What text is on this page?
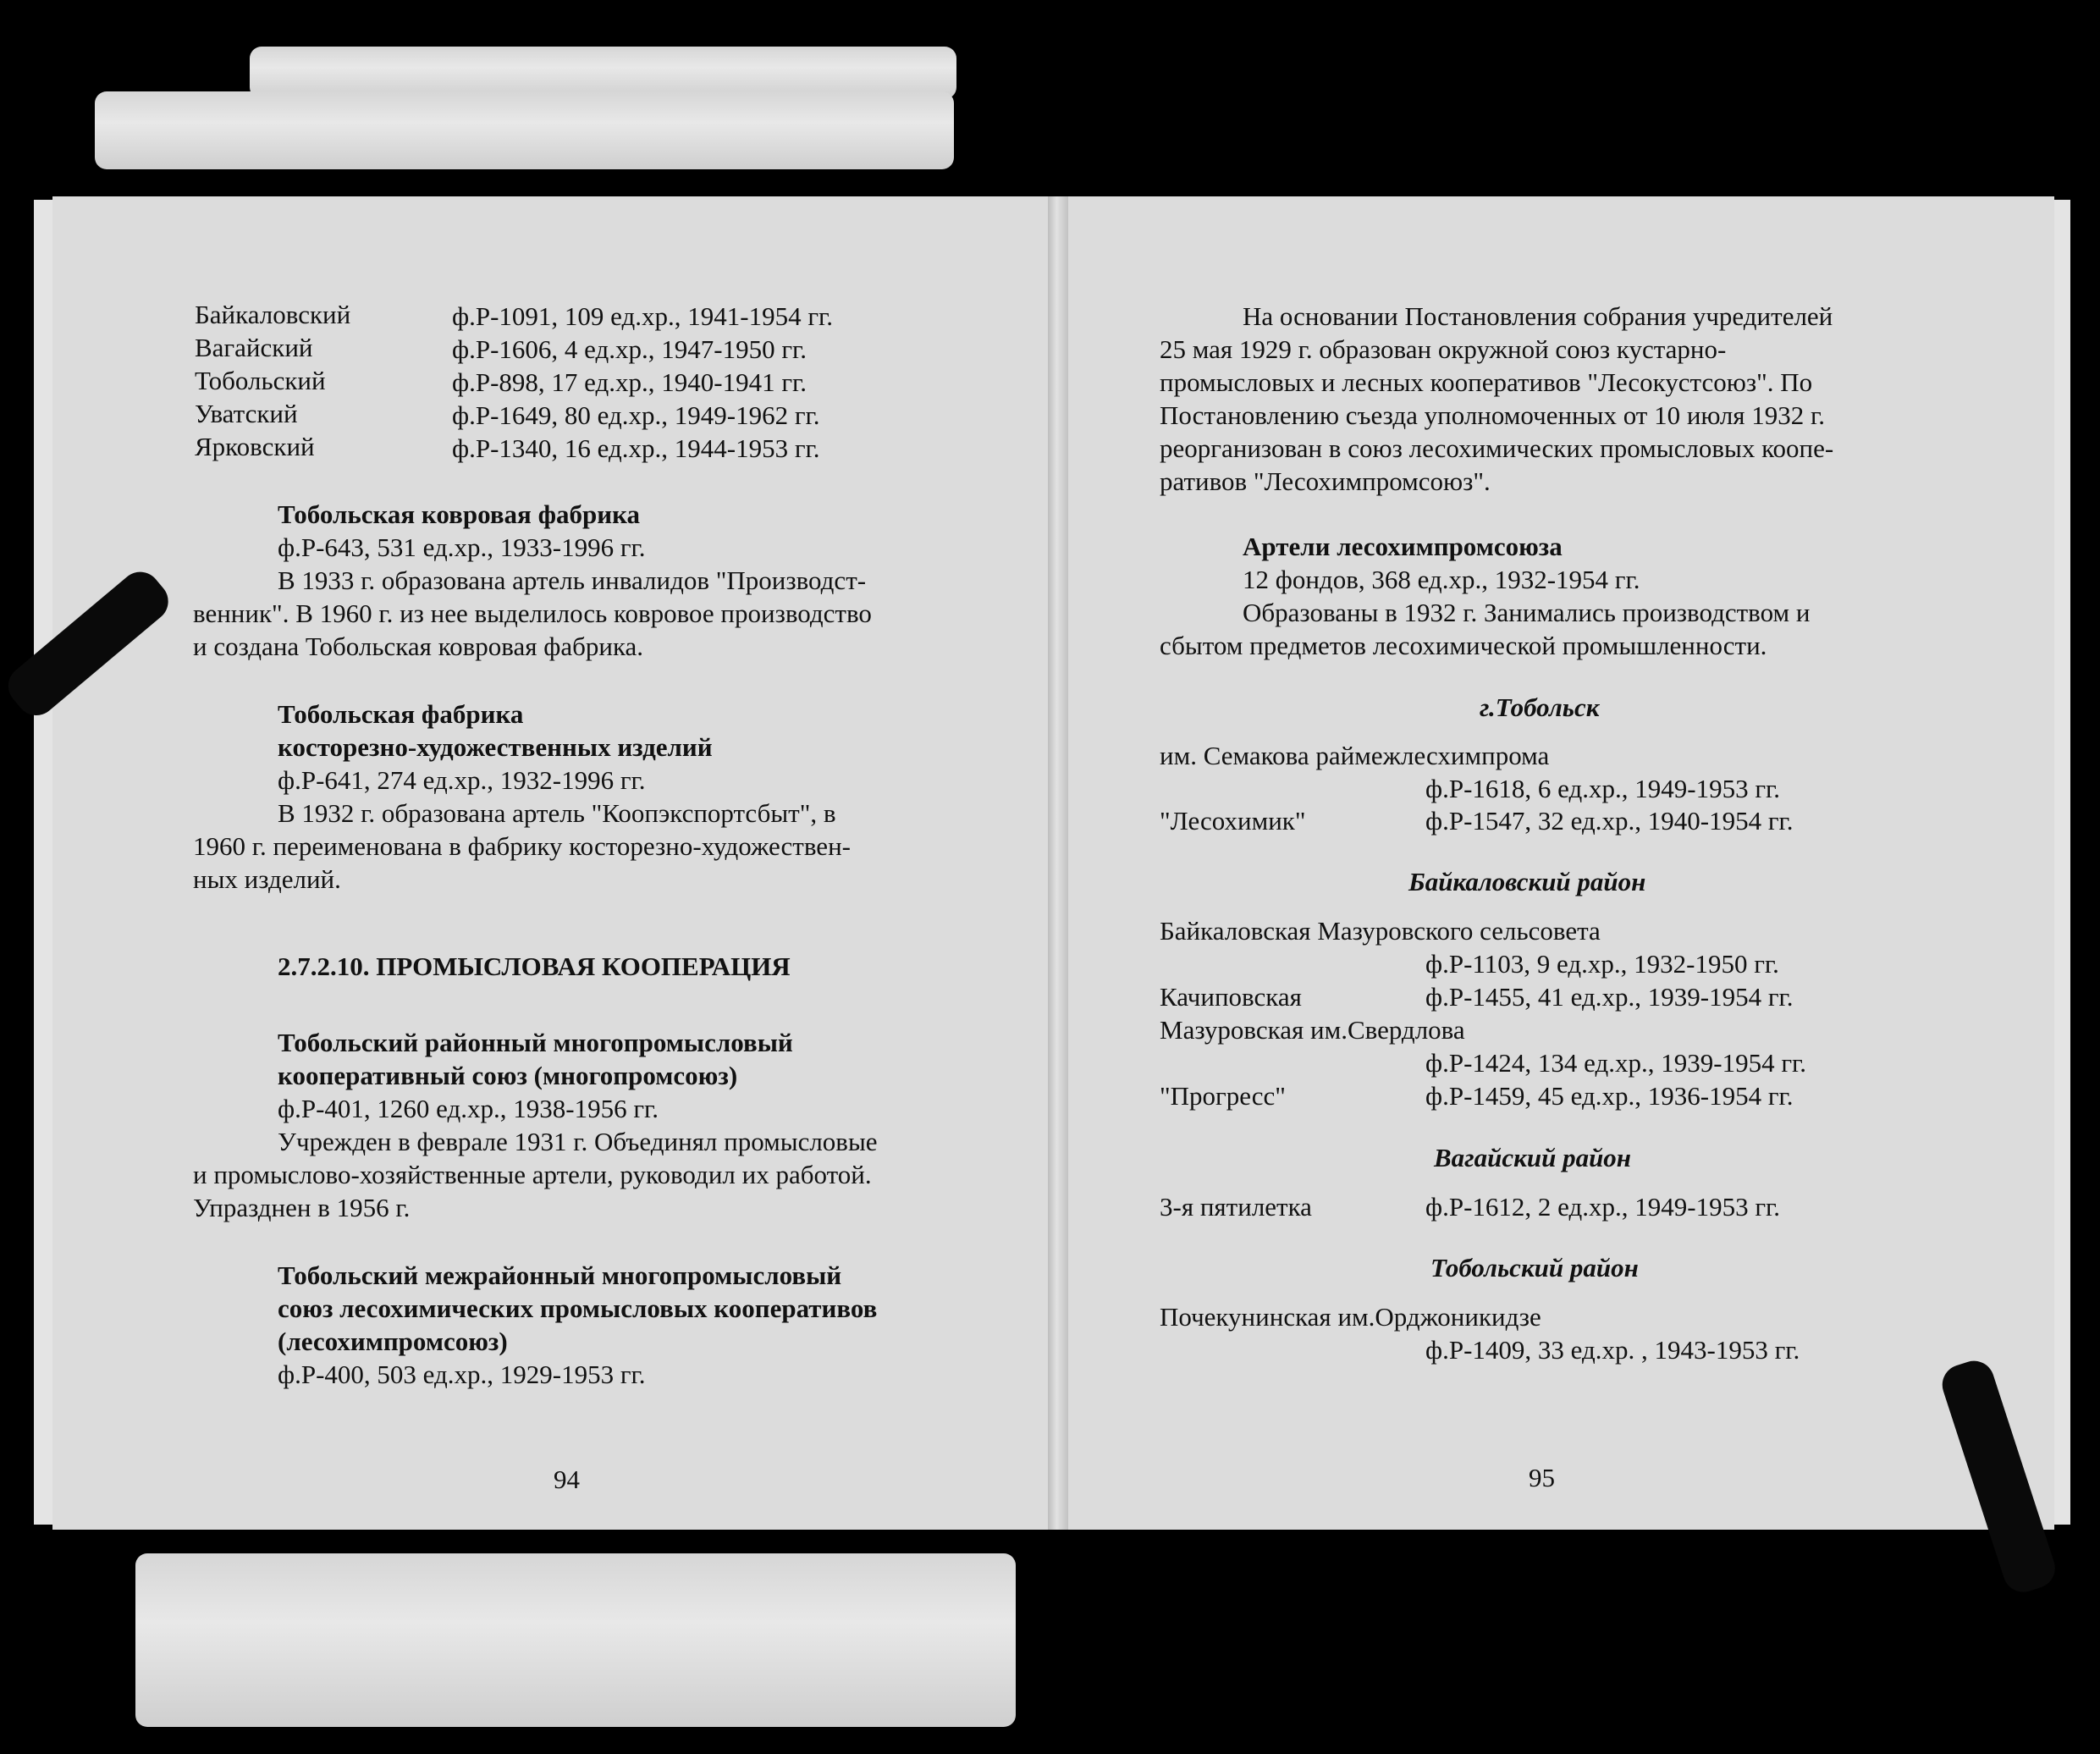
Байкаловский	ф.Р-1091, 109 ед.хр., 1941-1954 гг.
Вагайский	ф.Р-1606, 4 ед.хр., 1947-1950 гг.
Тобольский	ф.Р-898, 17 ед.хр., 1940-1941 гг.
Уватский	ф.Р-1649, 80 ед.хр., 1949-1962 гг.
Ярковский	ф.Р-1340, 16 ед.хр., 1944-1953 гг.
Тобольская ковровая фабрика
ф.Р-643, 531 ед.хр., 1933-1996 гг.
В 1933 г. образована артель инвалидов "Производст-
венник". В 1960 г. из нее выделилось ковровое производство
и создана Тобольская ковровая фабрика.
Тобольская фабрика
косторезно-художественных изделий
ф.Р-641, 274 ед.хр., 1932-1996 гг.
В 1932 г. образована артель "Коопэкспортсбыт", в
1960 г. переименована в фабрику косторезно-художествен-
ных изделий.
2.7.2.10. ПРОМЫСЛОВАЯ КООПЕРАЦИЯ
Тобольский районный многопромысловый
кооперативный союз (многопромсоюз)
ф.Р-401, 1260 ед.хр., 1938-1956 гг.
Учрежден в феврале 1931 г. Объединял промысловые
и промыслово-хозяйственные артели, руководил их работой.
Упразднен в 1956 г.
Тобольский межрайонный многопромысловый
союз лесохимических промысловых кооперативов
(лесохимпромсоюз)
ф.Р-400, 503 ед.хр., 1929-1953 гг.
94
На основании Постановления собрания учредителей
25 мая 1929 г. образован окружной союз кустарно-
промысловых и лесных кооперативов "Лесокустсоюз". По
Постановлению съезда уполномоченных от 10 июля 1932 г.
реорганизован в союз лесохимических промысловых коопе-
ративов "Лесохимпромсоюз".
Артели лесохимпромсоюза
12 фондов, 368 ед.хр., 1932-1954 гг.
Образованы в 1932 г. Занимались производством и
сбытом предметов лесохимической промышленности.
г.Тобольск
им. Семакова раймежлесхимпрома
ф.Р-1618, 6 ед.хр., 1949-1953 гг.
"Лесохимик"	ф.Р-1547, 32 ед.хр., 1940-1954 гг.
Байкаловский район
Байкаловская Мазуровского сельсовета
ф.Р-1103, 9 ед.хр., 1932-1950 гг.
Качиповская	ф.Р-1455, 41 ед.хр., 1939-1954 гг.
Мазуровская им.Свердлова
ф.Р-1424, 134 ед.хр., 1939-1954 гг.
"Прогресс"	ф.Р-1459, 45 ед.хр., 1936-1954 гг.
Вагайский район
3-я пятилетка	ф.Р-1612, 2 ед.хр., 1949-1953 гг.
Тобольский район
Почекунинская им.Орджоникидзе
ф.Р-1409, 33 ед.хр. , 1943-1953 гг.
95
